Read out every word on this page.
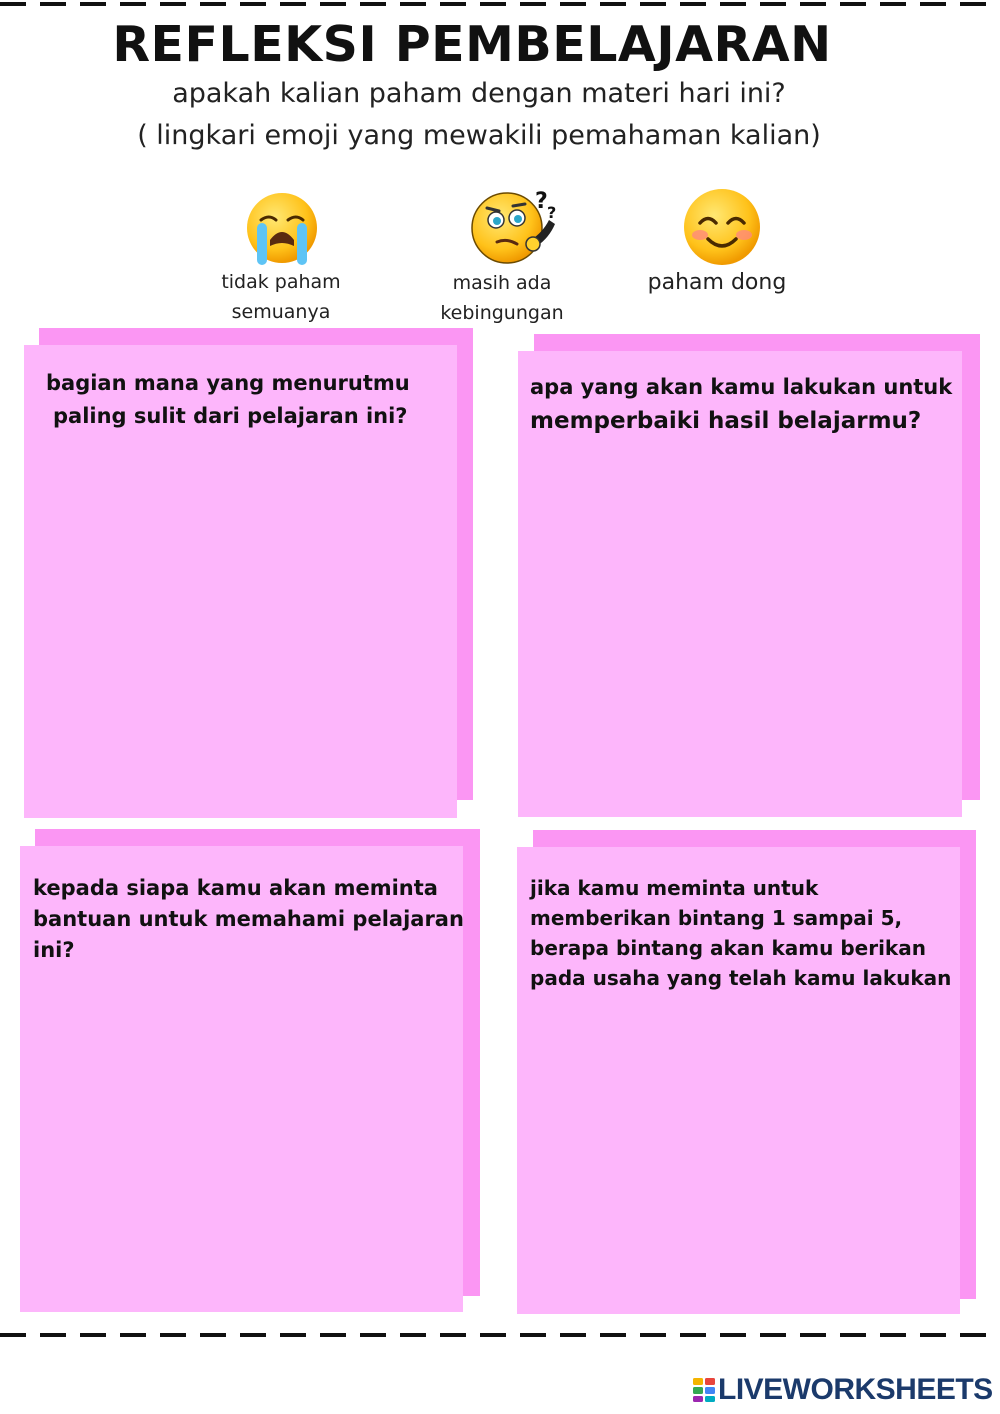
REFLEKSI PEMBELAJARAN
apakah kalian paham dengan materi hari ini?
( lingkari emoji yang mewakili pemahaman kalian)
tidak paham
semuanya
? ?
masih ada
kebingungan
paham dong
bagian mana yang menurutmu
paling sulit dari pelajaran ini?
apa yang akan kamu lakukan untuk
memperbaiki hasil belajarmu?
kepada siapa kamu akan meminta
bantuan untuk memahami pelajaran
ini?
jika kamu meminta untuk
memberikan bintang 1 sampai 5,
berapa bintang akan kamu berikan
pada usaha yang telah kamu lakukan
LIVEWORKSHEETS
